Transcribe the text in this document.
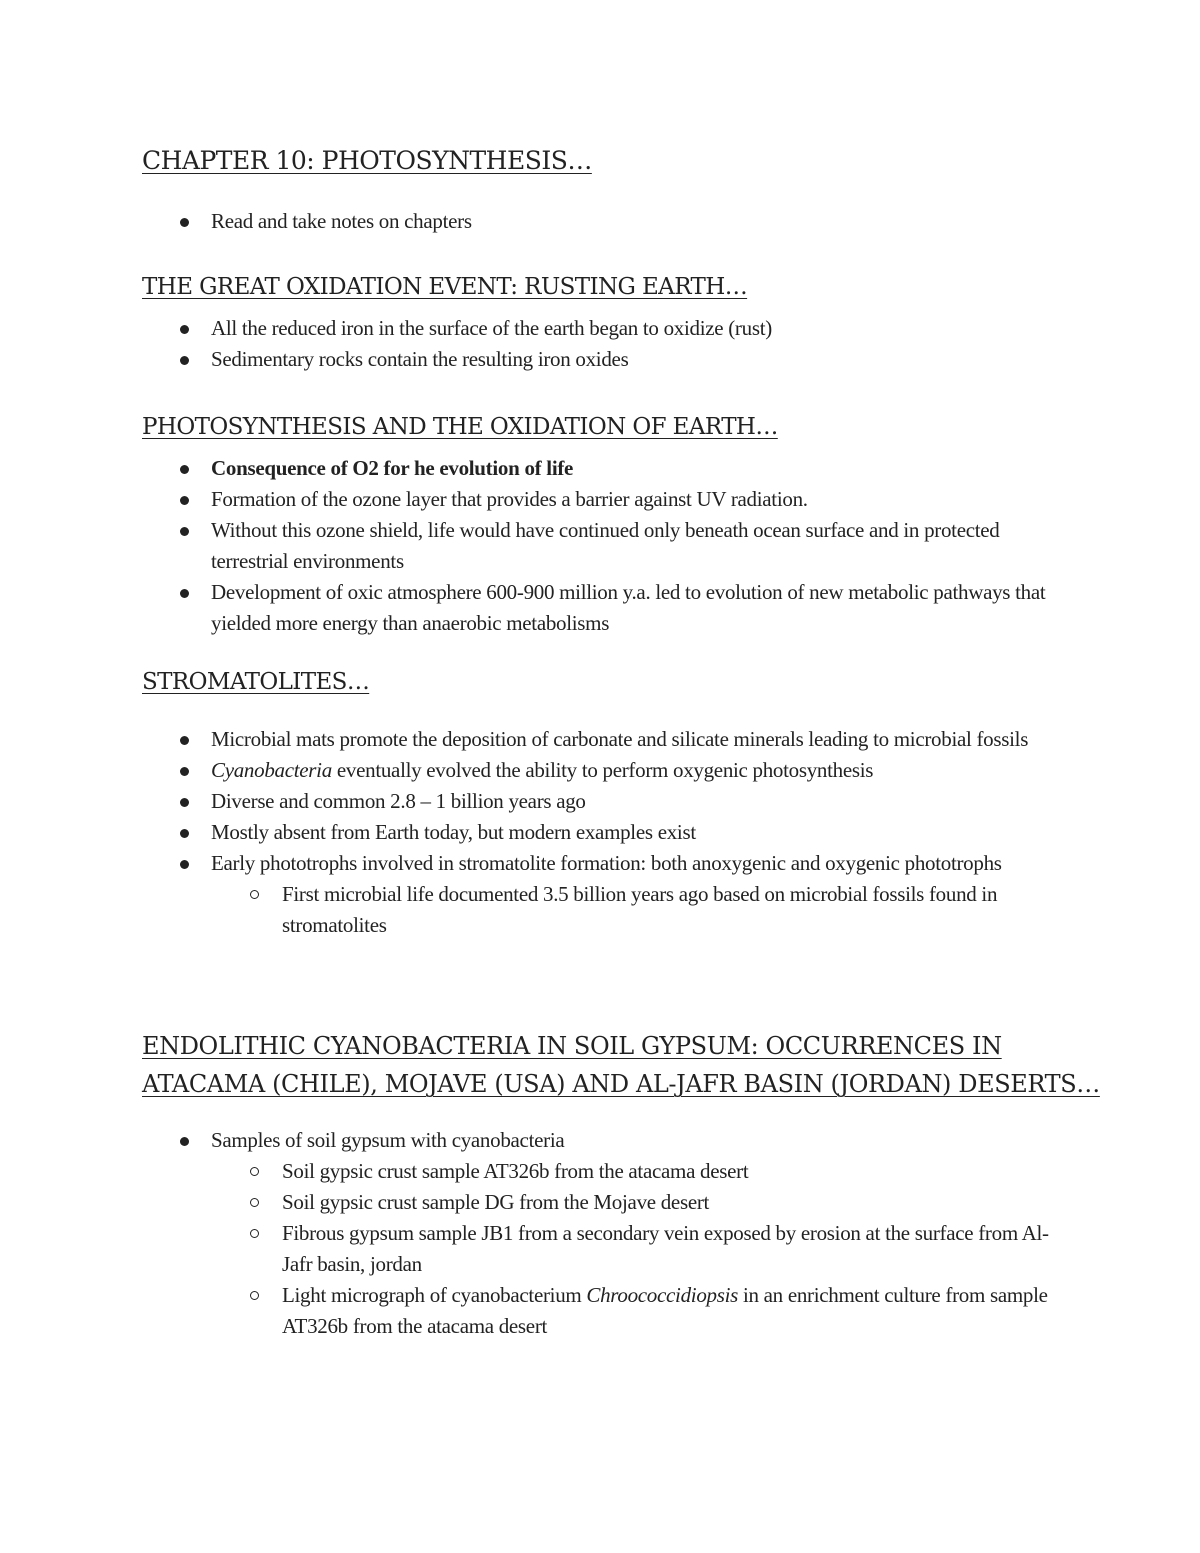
CHAPTER 10: PHOTOSYNTHESIS…
Read and take notes on chapters
THE GREAT OXIDATION EVENT: RUSTING EARTH…
All the reduced iron in the surface of the earth began to oxidize (rust)
Sedimentary rocks contain the resulting iron oxides
PHOTOSYNTHESIS AND THE OXIDATION OF EARTH…
Consequence of O2 for he evolution of life
Formation of the ozone layer that provides a barrier against UV radiation.
Without this ozone shield, life would have continued only beneath ocean surface and in protected terrestrial environments
Development of oxic atmosphere 600-900 million y.a. led to evolution of new metabolic pathways that yielded more energy than anaerobic metabolisms
STROMATOLITES…
Microbial mats promote the deposition of carbonate and silicate minerals leading to microbial fossils
Cyanobacteria eventually evolved the ability to perform oxygenic photosynthesis
Diverse and common 2.8 – 1 billion years ago
Mostly absent from Earth today, but modern examples exist
Early phototrophs involved in stromatolite formation: both anoxygenic and oxygenic phototrophs
First microbial life documented 3.5 billion years ago based on microbial fossils found in stromatolites
ENDOLITHIC CYANOBACTERIA IN SOIL GYPSUM: OCCURRENCES IN
ATACAMA (CHILE), MOJAVE (USA) AND AL-JAFR BASIN (JORDAN) DESERTS…
Samples of soil gypsum with cyanobacteria
Soil gypsic crust sample AT326b from the atacama desert
Soil gypsic crust sample DG from the Mojave desert
Fibrous gypsum sample JB1 from a secondary vein exposed by erosion at the surface from Al-Jafr basin, jordan
Light micrograph of cyanobacterium Chroococcidiopsis in an enrichment culture from sample AT326b from the atacama desert
